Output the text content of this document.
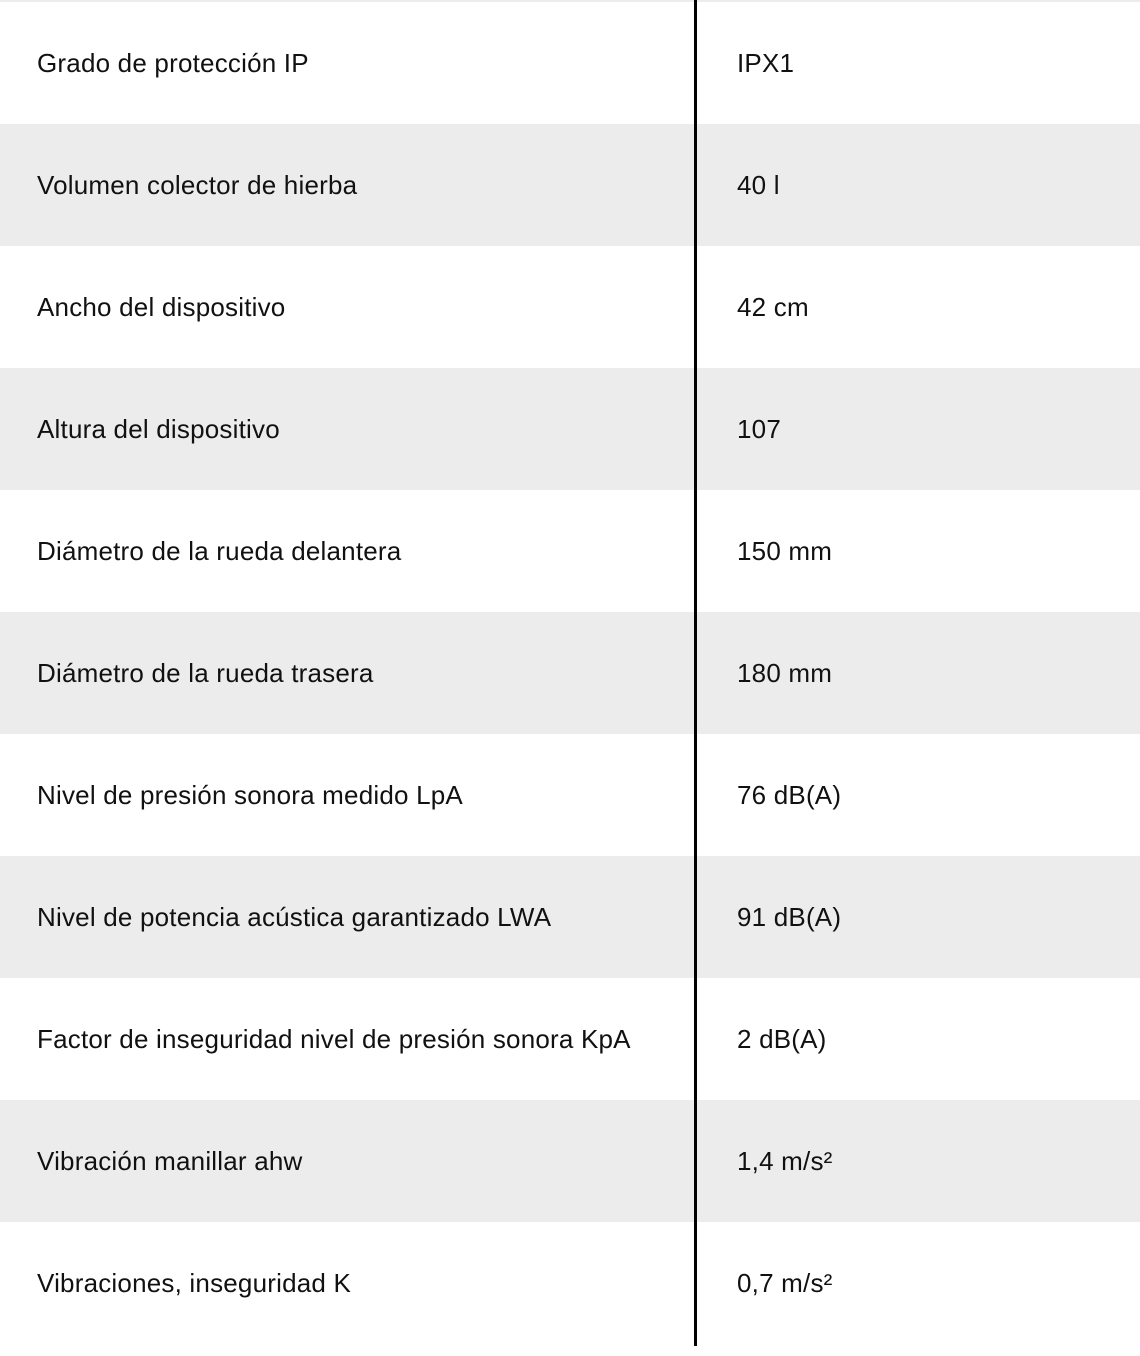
Grado de protección IP	IPX1
Volumen colector de hierba	40 l
Ancho del dispositivo	42 cm
Altura del dispositivo	107
Diámetro de la rueda delantera	150 mm
Diámetro de la rueda trasera	180 mm
Nivel de presión sonora medido LpA	76 dB(A)
Nivel de potencia acústica garantizado LWA	91 dB(A)
Factor de inseguridad nivel de presión sonora KpA	2 dB(A)
Vibración manillar ahw	1,4 m/s²
Vibraciones, inseguridad K	0,7 m/s²
